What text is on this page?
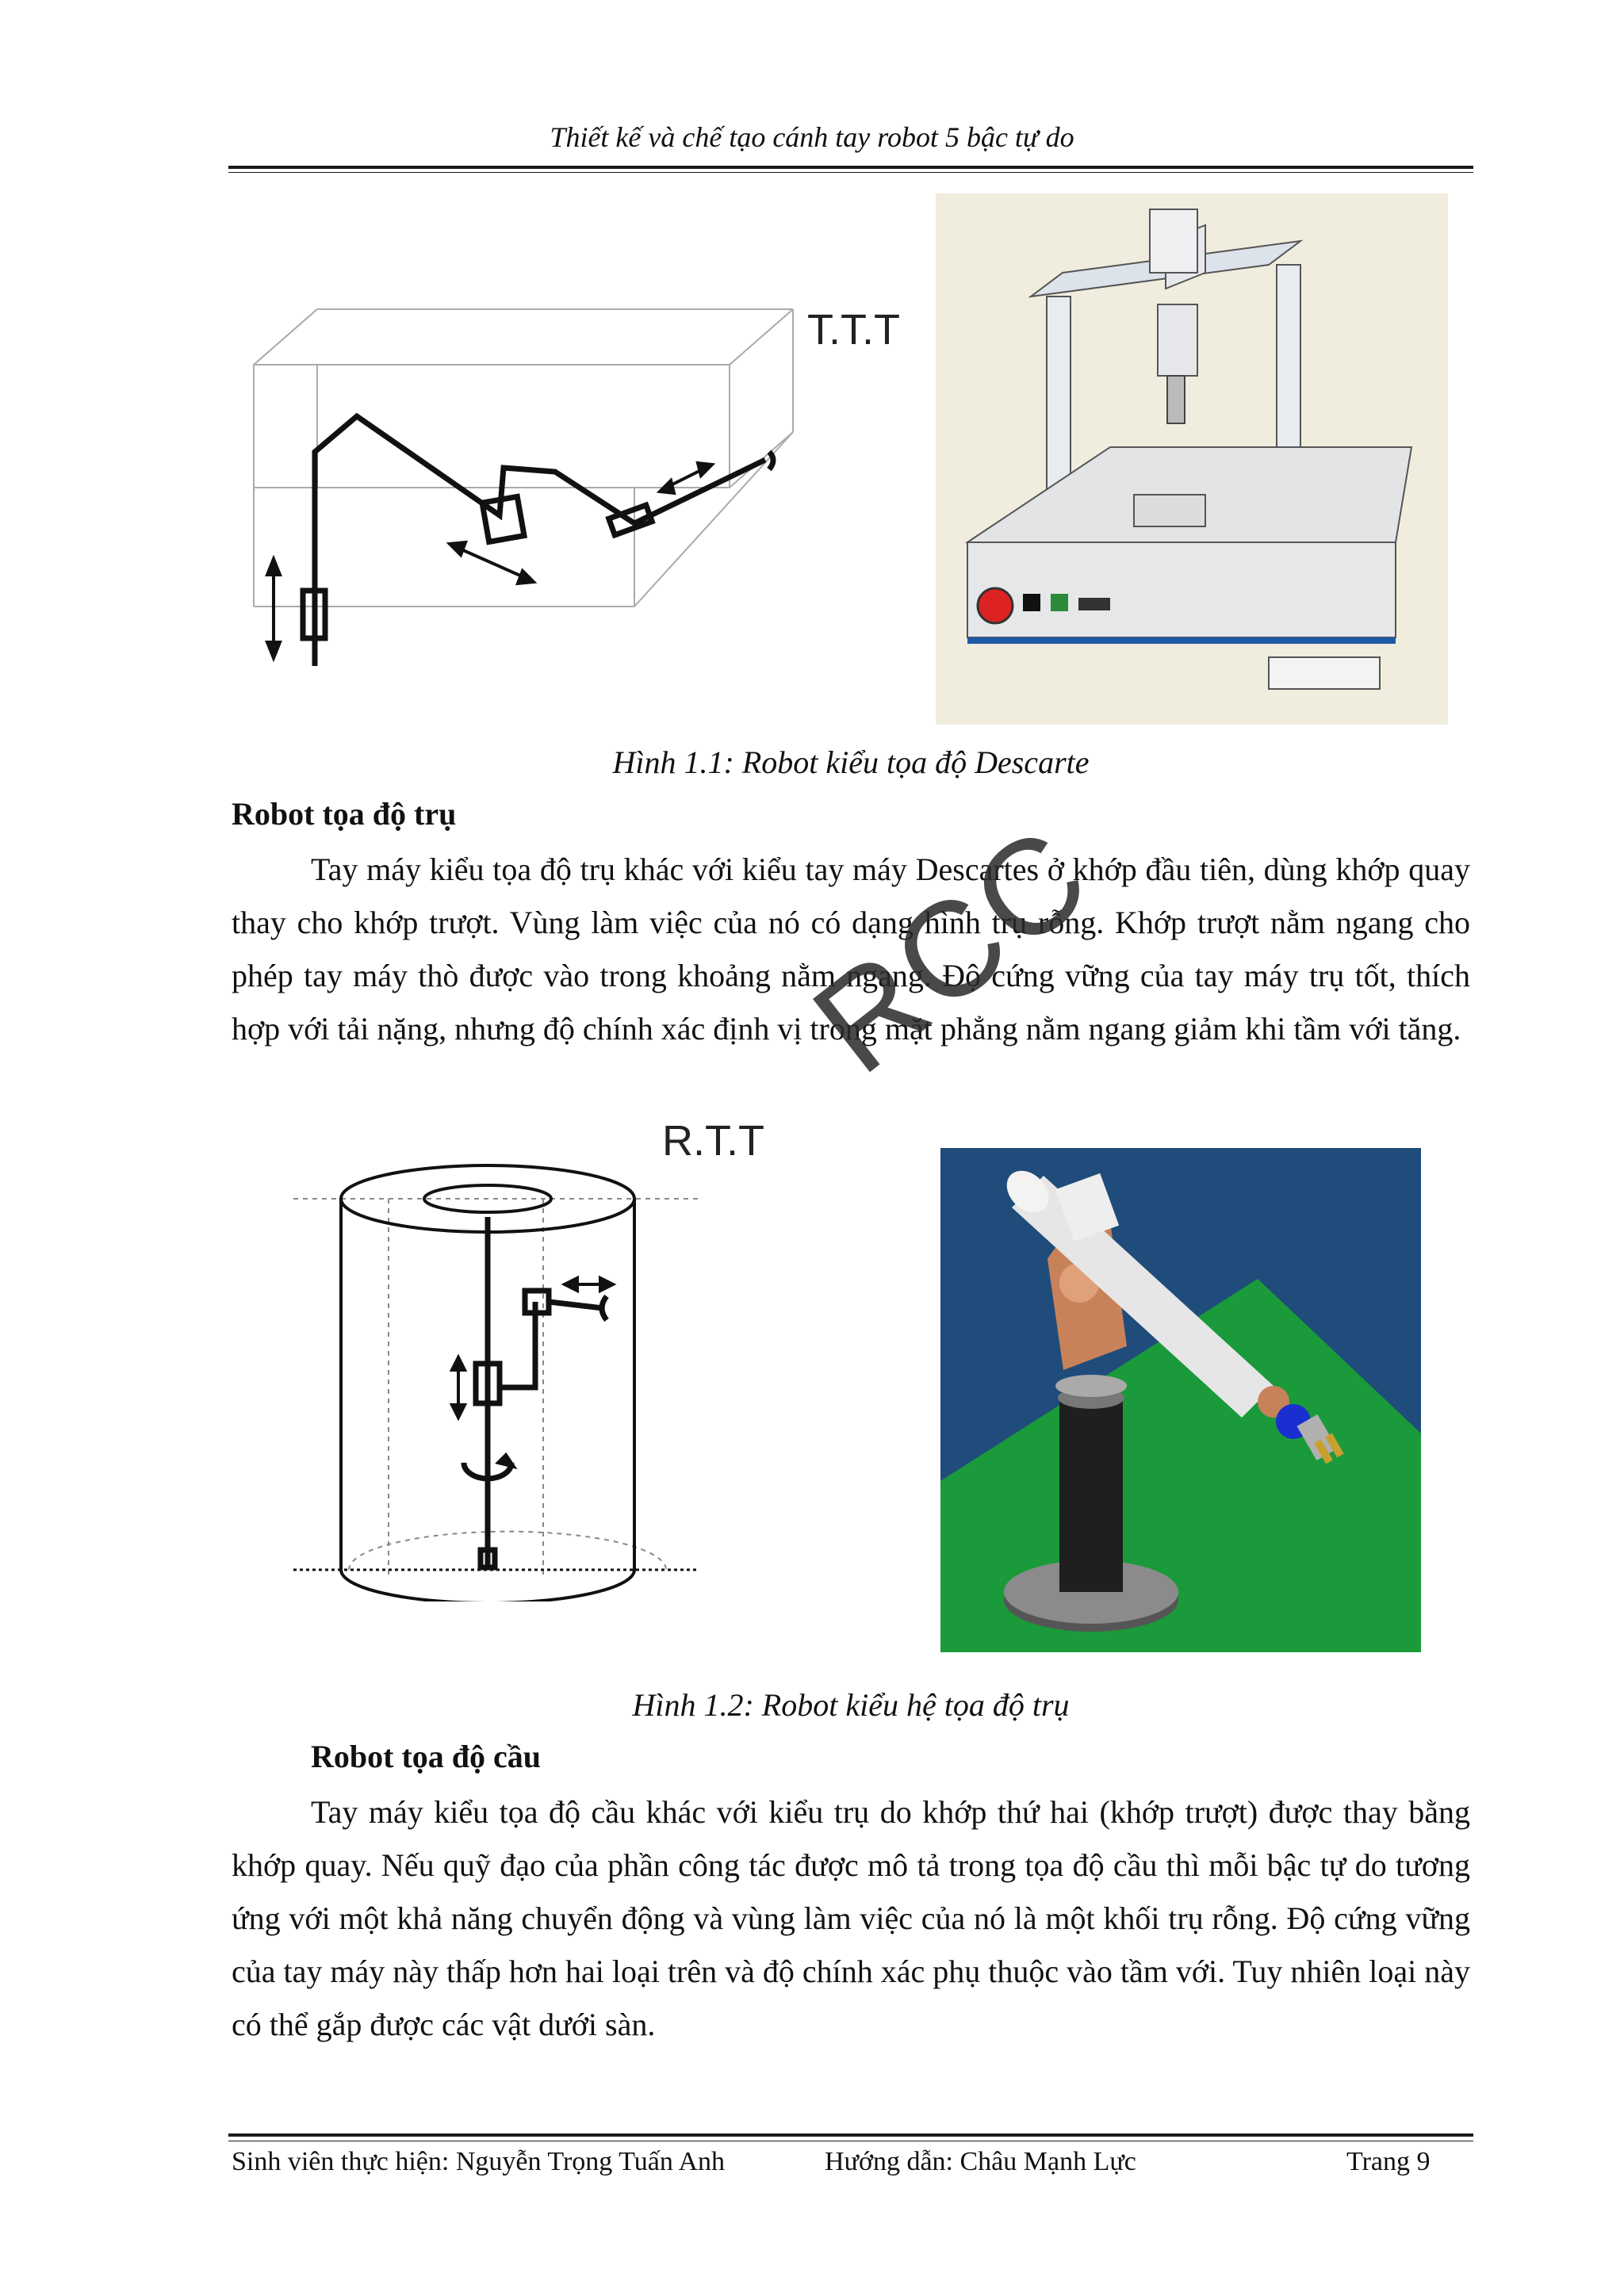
Thiết kế và chế tạo cánh tay robot 5 bậc tự do
T.T.T
Hình 1.1: Robot kiểu tọa độ Descarte
Robot tọa độ trụ
Tay máy kiểu tọa độ trụ khác với kiểu tay máy Descartes ở khớp đầu tiên, dùng khớp quay thay cho khớp trượt. Vùng làm việc của nó có dạng hình trụ rỗng. Khớp trượt nằm ngang cho phép tay máy thò được vào trong khoảng nằm ngang. Độ cứng vững của tay máy trụ tốt, thích hợp với tải nặng, nhưng độ chính xác định vị trong mặt phẳng nằm ngang giảm khi tầm với tăng.
RCC
R.T.T
Hình 1.2: Robot kiểu hệ tọa độ trụ
Robot tọa độ cầu
Tay máy kiểu tọa độ cầu khác với kiểu trụ do khớp thứ hai (khớp trượt) được thay bằng khớp quay. Nếu quỹ đạo của phần công tác được mô tả trong tọa độ cầu thì mỗi bậc tự do tương ứng với một khả năng chuyển động và vùng làm việc của nó là một khối trụ rỗng. Độ cứng vững của tay máy này thấp hơn hai loại trên và độ chính xác phụ thuộc vào tầm với. Tuy nhiên loại này có thể gắp được các vật dưới sàn.
Sinh viên thực hiện: Nguyễn Trọng Tuấn Anh	Hướng dẫn: Châu Mạnh Lực	Trang 9
